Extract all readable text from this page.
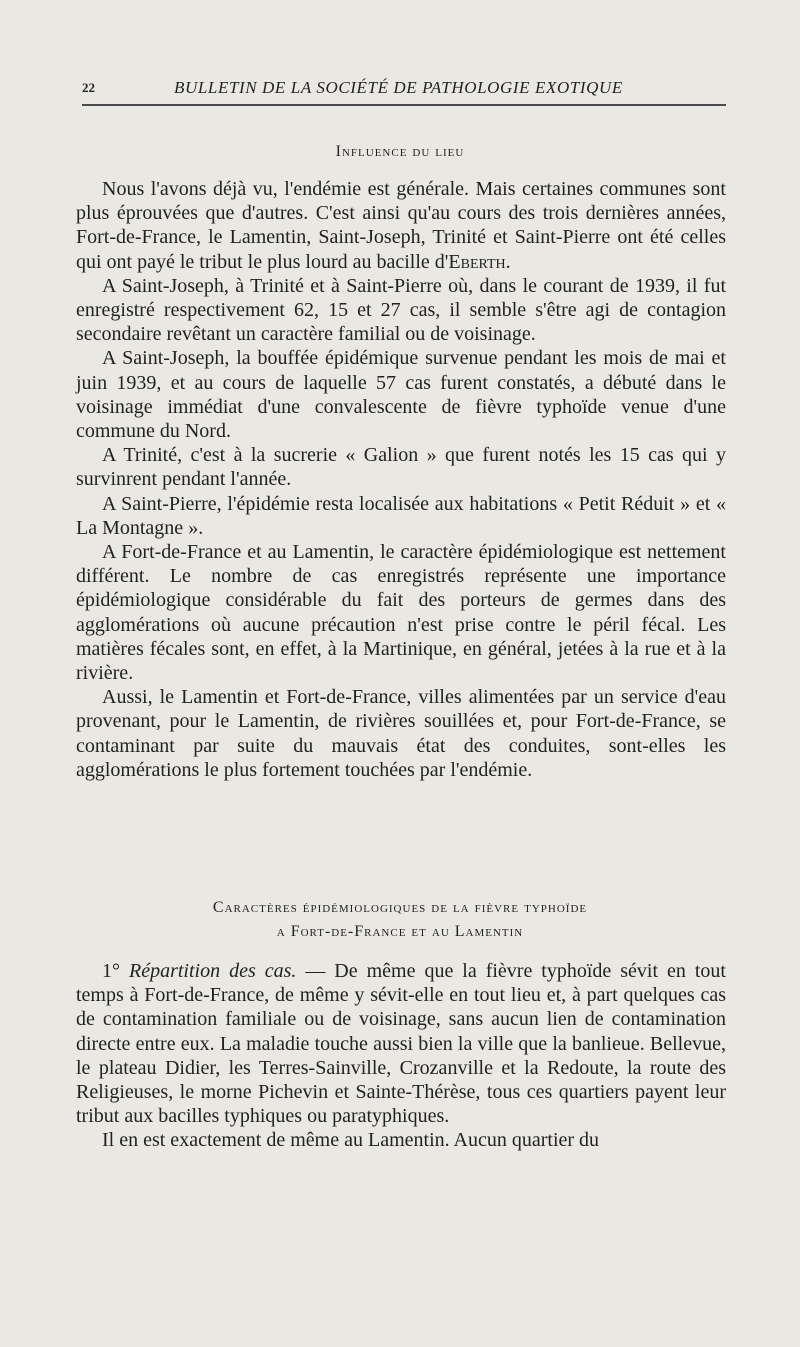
22	BULLETIN DE LA SOCIÉTÉ DE PATHOLOGIE EXOTIQUE
Influence du lieu

Nous l'avons déjà vu, l'endémie est générale. Mais certaines communes sont plus éprouvées que d'autres. C'est ainsi qu'au cours des trois dernières années, Fort-de-France, le Lamentin, Saint-Joseph, Trinité et Saint-Pierre ont été celles qui ont payé le tribut le plus lourd au bacille d'Eberth.

A Saint-Joseph, à Trinité et à Saint-Pierre où, dans le courant de 1939, il fut enregistré respectivement 62, 15 et 27 cas, il semble s'être agi de contagion secondaire revêtant un caractère familial ou de voisinage.

A Saint-Joseph, la bouffée épidémique survenue pendant les mois de mai et juin 1939, et au cours de laquelle 57 cas furent constatés, a débuté dans le voisinage immédiat d'une convalescente de fièvre typhoïde venue d'une commune du Nord.

A Trinité, c'est à la sucrerie « Galion » que furent notés les 15 cas qui y survinrent pendant l'année.

A Saint-Pierre, l'épidémie resta localisée aux habitations « Petit Réduit » et « La Montagne ».

A Fort-de-France et au Lamentin, le caractère épidémiologique est nettement différent. Le nombre de cas enregistrés représente une importance épidémiologique considérable du fait des porteurs de germes dans des agglomérations où aucune précaution n'est prise contre le péril fécal. Les matières fécales sont, en effet, à la Martinique, en général, jetées à la rue et à la rivière.

Aussi, le Lamentin et Fort-de-France, villes alimentées par un service d'eau provenant, pour le Lamentin, de rivières souillées et, pour Fort-de-France, se contaminant par suite du mauvais état des conduites, sont-elles les agglomérations le plus fortement touchées par l'endémie.

Caractères épidémiologiques de la fièvre typhoïde
a Fort-de-France et au Lamentin

1° Répartition des cas. — De même que la fièvre typhoïde sévit en tout temps à Fort-de-France, de même y sévit-elle en tout lieu et, à part quelques cas de contamination familiale ou de voisinage, sans aucun lien de contamination directe entre eux. La maladie touche aussi bien la ville que la banlieue. Bellevue, le plateau Didier, les Terres-Sainville, Crozanville et la Redoute, la route des Religieuses, le morne Pichevin et Sainte-Thérèse, tous ces quartiers payent leur tribut aux bacilles typhiques ou paratyphiques.

Il en est exactement de même au Lamentin. Aucun quartier du
